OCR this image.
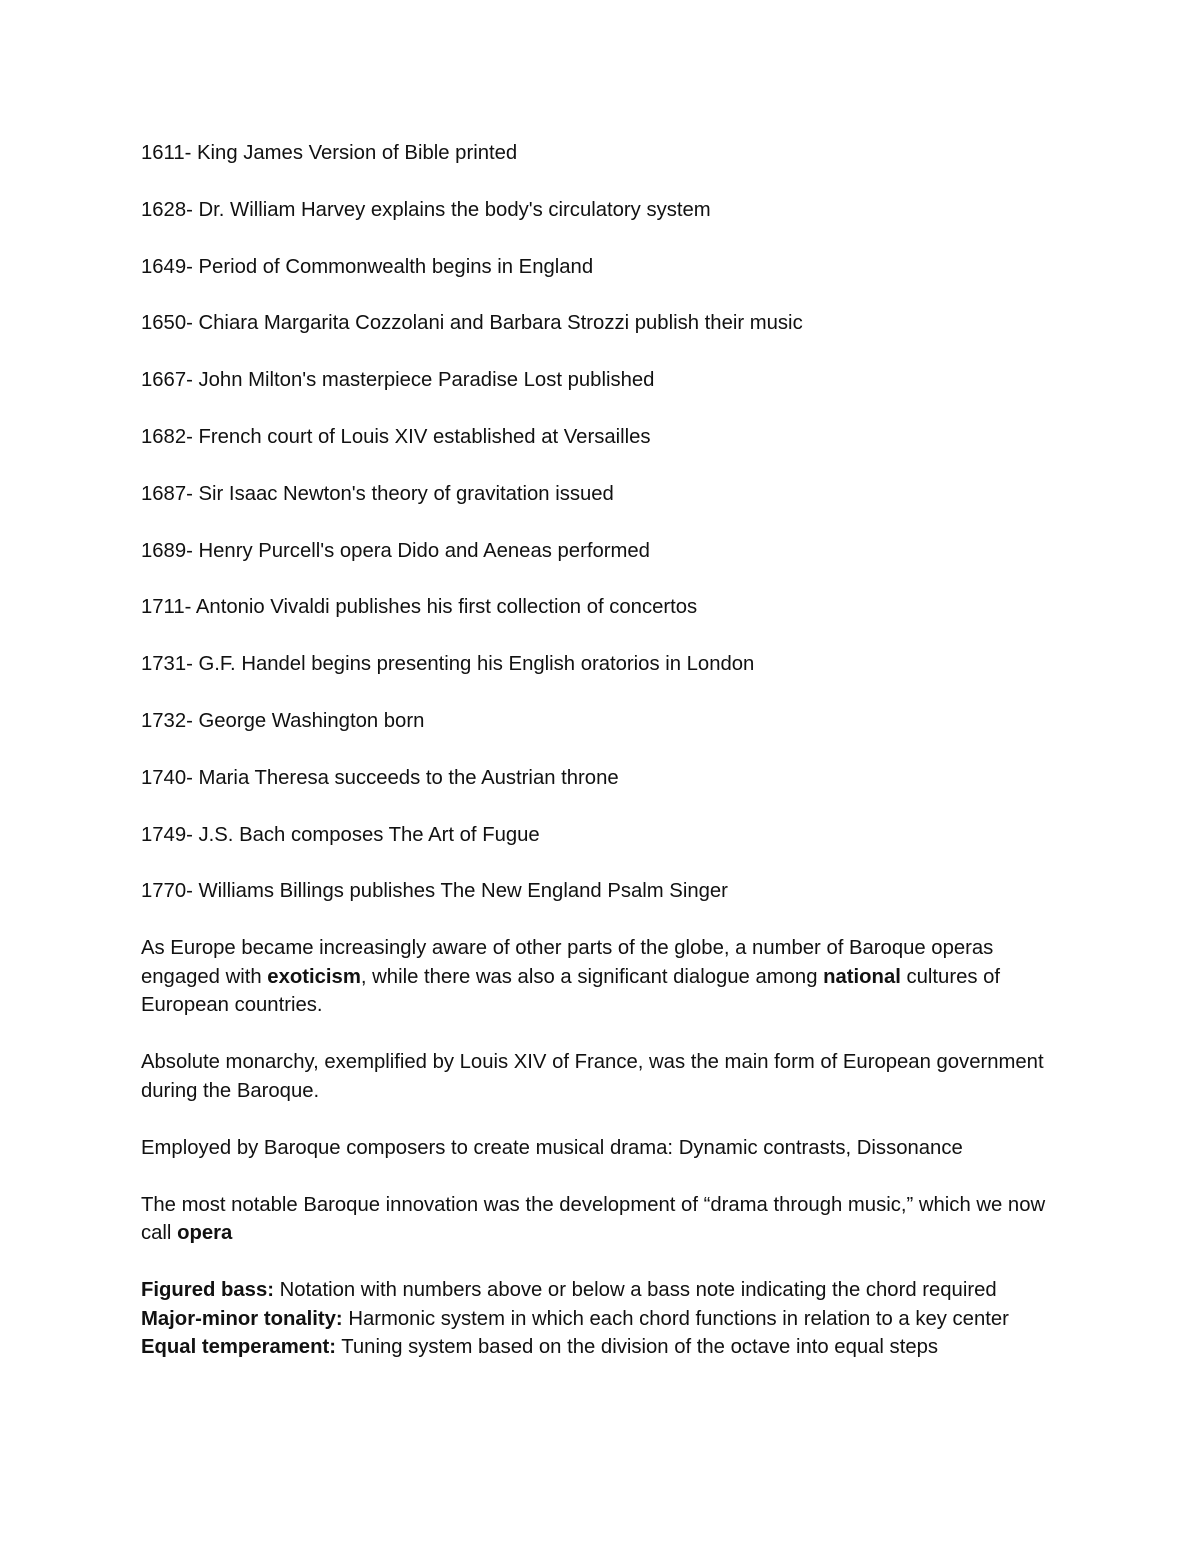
1611- King James Version of Bible printed
1628- Dr. William Harvey explains the body's circulatory system
1649- Period of Commonwealth begins in England
1650- Chiara Margarita Cozzolani and Barbara Strozzi publish their music
1667- John Milton's masterpiece Paradise Lost published
1682- French court of Louis XIV established at Versailles
1687- Sir Isaac Newton's theory of gravitation issued
1689- Henry Purcell's opera Dido and Aeneas performed
1711- Antonio Vivaldi publishes his first collection of concertos
1731- G.F. Handel begins presenting his English oratorios in London
1732- George Washington born
1740- Maria Theresa succeeds to the Austrian throne
1749- J.S. Bach composes The Art of Fugue
1770- Williams Billings publishes The New England Psalm Singer

As Europe became increasingly aware of other parts of the globe, a number of Baroque operas engaged with exoticism, while there was also a significant dialogue among national cultures of European countries.

Absolute monarchy, exemplified by Louis XIV of France, was the main form of European government during the Baroque.

Employed by Baroque composers to create musical drama: Dynamic contrasts, Dissonance

The most notable Baroque innovation was the development of “drama through music,” which we now call opera

Figured bass: Notation with numbers above or below a bass note indicating the chord required

Major-minor tonality: Harmonic system in which each chord functions in relation to a key center

Equal temperament: Tuning system based on the division of the octave into equal steps
